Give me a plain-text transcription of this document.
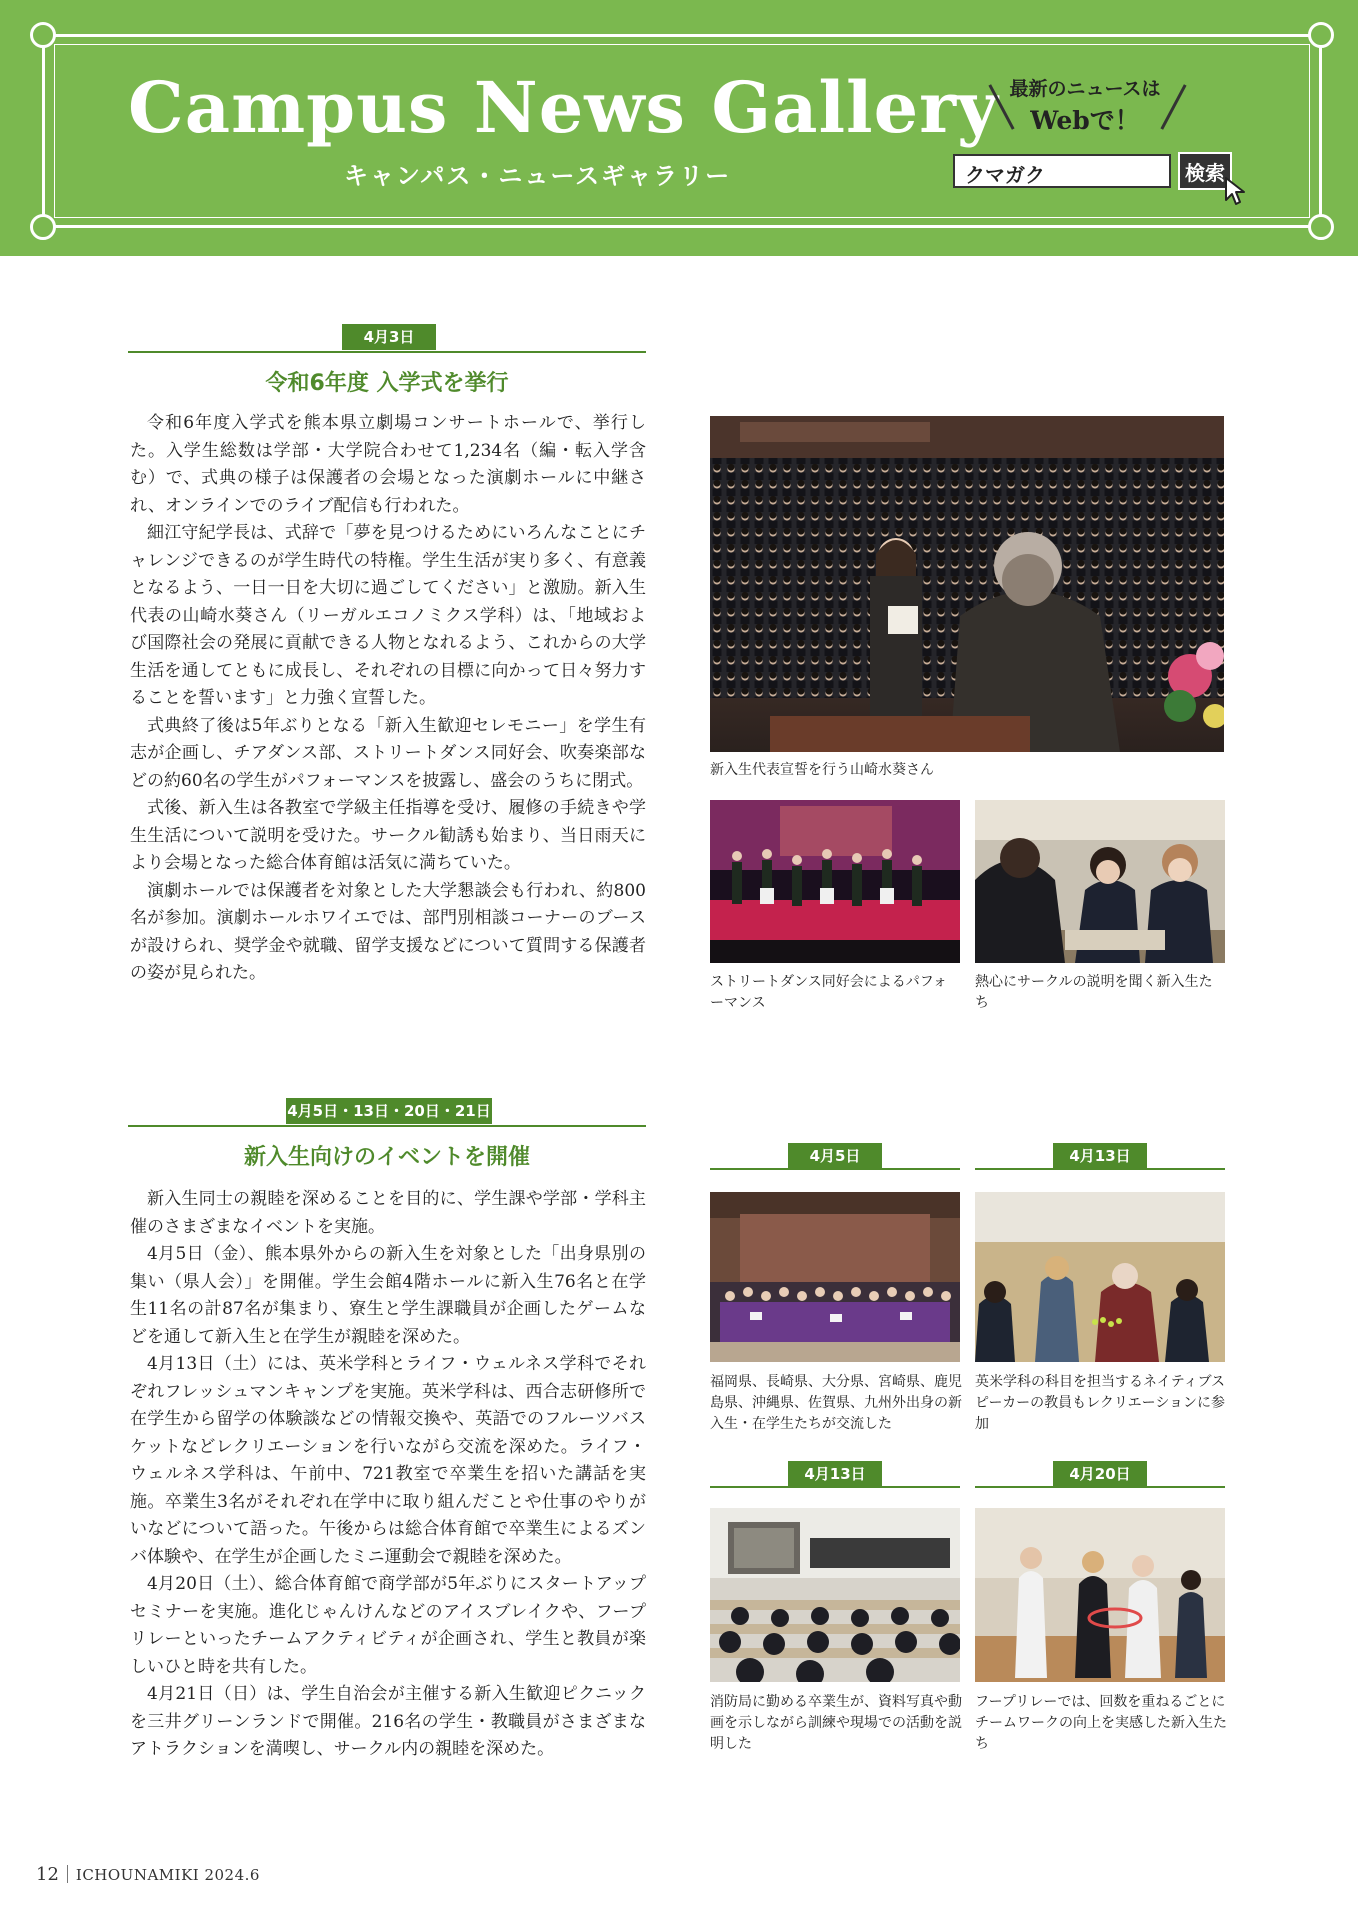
Campus News Gallery
キャンパス・ニュースギャラリー
最新のニュースは
Webで！
クマガク	検索
4月3日
令和6年度 入学式を挙行

令和6年度入学式を熊本県立劇場コンサートホールで、挙行した。入学生総数は学部・大学院合わせて1,234名（編・転入学含む）で、式典の様子は保護者の会場となった演劇ホールに中継され、オンラインでのライブ配信も行われた。

細江守紀学長は、式辞で「夢を見つけるためにいろんなことにチャレンジできるのが学生時代の特権。学生生活が実り多く、有意義となるよう、一日一日を大切に過ごしてください」と激励。新入生代表の山崎水葵さん（リーガルエコノミクス学科）は、「地域および国際社会の発展に貢献できる人物となれるよう、これからの大学生活を通してともに成長し、それぞれの目標に向かって日々努力することを誓います」と力強く宣誓した。

式典終了後は5年ぶりとなる「新入生歓迎セレモニー」を学生有志が企画し、チアダンス部、ストリートダンス同好会、吹奏楽部などの約60名の学生がパフォーマンスを披露し、盛会のうちに閉式。

式後、新入生は各教室で学級主任指導を受け、履修の手続きや学生生活について説明を受けた。サークル勧誘も始まり、当日雨天により会場となった総合体育館は活気に満ちていた。

演劇ホールでは保護者を対象とした大学懇談会も行われ、約800名が参加。演劇ホールホワイエでは、部門別相談コーナーのブースが設けられ、奨学金や就職、留学支援などについて質問する保護者の姿が見られた。

新入生代表宣誓を行う山崎水葵さん
ストリートダンス同好会によるパフォーマンス
熱心にサークルの説明を聞く新入生たち
4月5日・13日・20日・21日
新入生向けのイベントを開催

新入生同士の親睦を深めることを目的に、学生課や学部・学科主催のさまざまなイベントを実施。

4月5日（金）、熊本県外からの新入生を対象とした「出身県別の集い（県人会）」を開催。学生会館4階ホールに新入生76名と在学生11名の計87名が集まり、寮生と学生課職員が企画したゲームなどを通して新入生と在学生が親睦を深めた。

4月13日（土）には、英米学科とライフ・ウェルネス学科でそれぞれフレッシュマンキャンプを実施。英米学科は、西合志研修所で在学生から留学の体験談などの情報交換や、英語でのフルーツバスケットなどレクリエーションを行いながら交流を深めた。ライフ・ウェルネス学科は、午前中、721教室で卒業生を招いた講話を実施。卒業生3名がそれぞれ在学中に取り組んだことや仕事のやりがいなどについて語った。午後からは総合体育館で卒業生によるズンバ体験や、在学生が企画したミニ運動会で親睦を深めた。

4月20日（土）、総合体育館で商学部が5年ぶりにスタートアップセミナーを実施。進化じゃんけんなどのアイスブレイクや、フープリレーといったチームアクティビティが企画され、学生と教員が楽しいひと時を共有した。

4月21日（日）は、学生自治会が主催する新入生歓迎ピクニックを三井グリーンランドで開催。216名の学生・教職員がさまざまなアトラクションを満喫し、サークル内の親睦を深めた。

4月5日	4月13日
福岡県、長崎県、大分県、宮崎県、鹿児島県、沖縄県、佐賀県、九州外出身の新入生・在学生たちが交流した
英米学科の科目を担当するネイティブスピーカーの教員もレクリエーションに参加
4月13日	4月20日
消防局に勤める卒業生が、資料写真や動画を示しながら訓練や現場での活動を説明した
フープリレーでは、回数を重ねるごとにチームワークの向上を実感した新入生たち
12 ICHOUNAMIKI 2024.6
